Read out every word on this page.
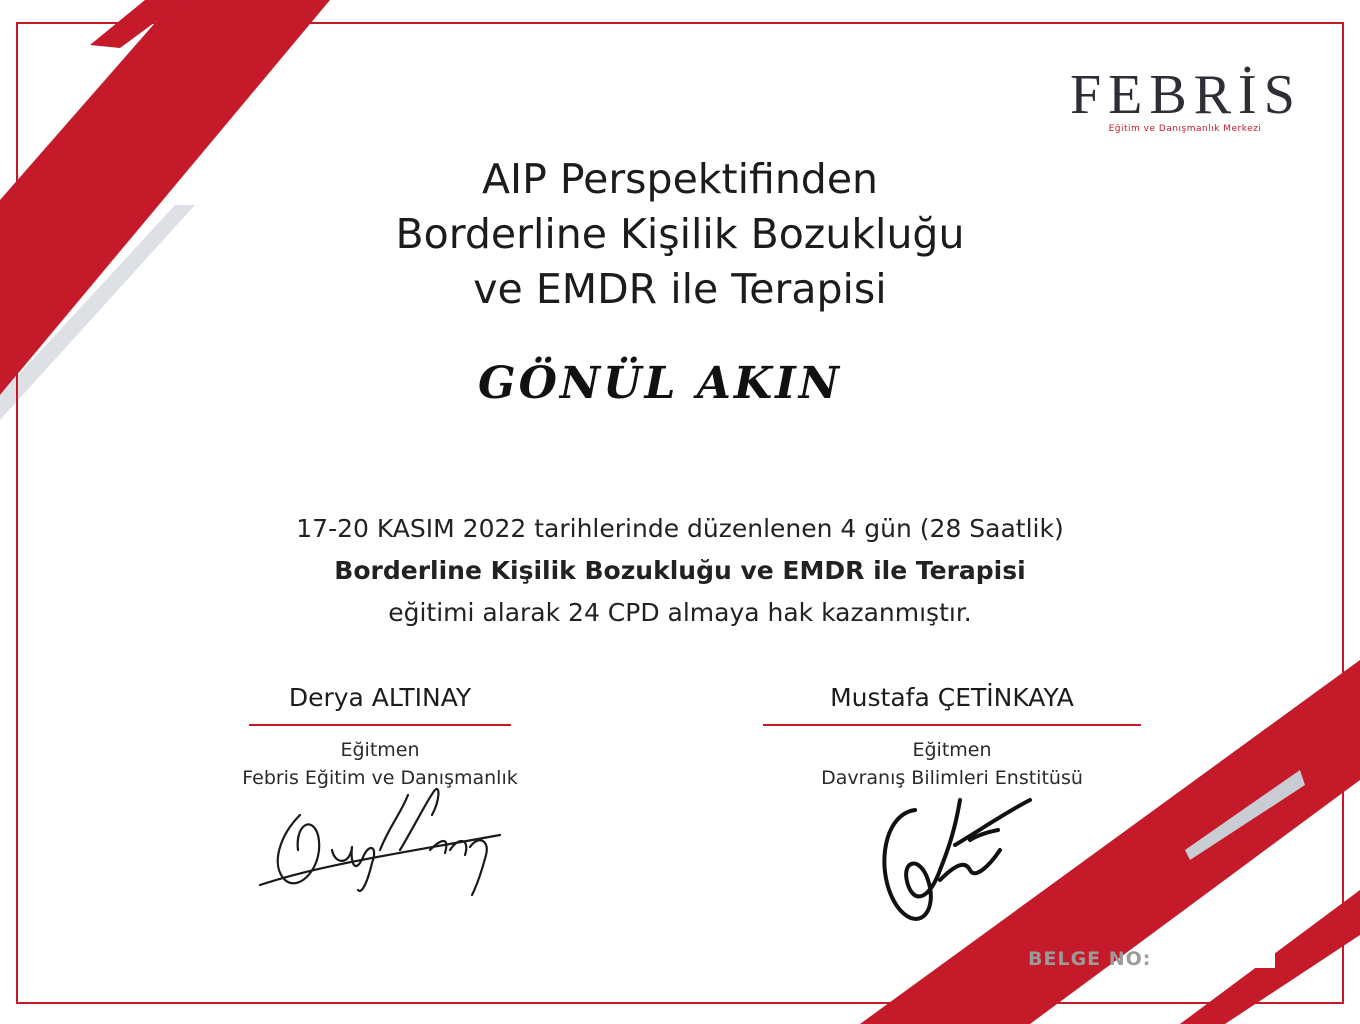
FEBRİS
Eğitim ve Danışmanlık Merkezi
AIP Perspektifinden
Borderline Kişilik Bozukluğu
ve EMDR ile Terapisi
GÖNÜL AKIN
17-20 KASIM 2022 tarihlerinde düzenlenen 4 gün (28 Saatlik)
Borderline Kişilik Bozukluğu ve EMDR ile Terapisi
eğitimi alarak 24 CPD almaya hak kazanmıştır.
Derya ALTINAY
Eğitmen
Febris Eğitim ve Danışmanlık
Mustafa ÇETİNKAYA
Eğitmen
Davranış Bilimleri Enstitüsü
BELGE NO:
